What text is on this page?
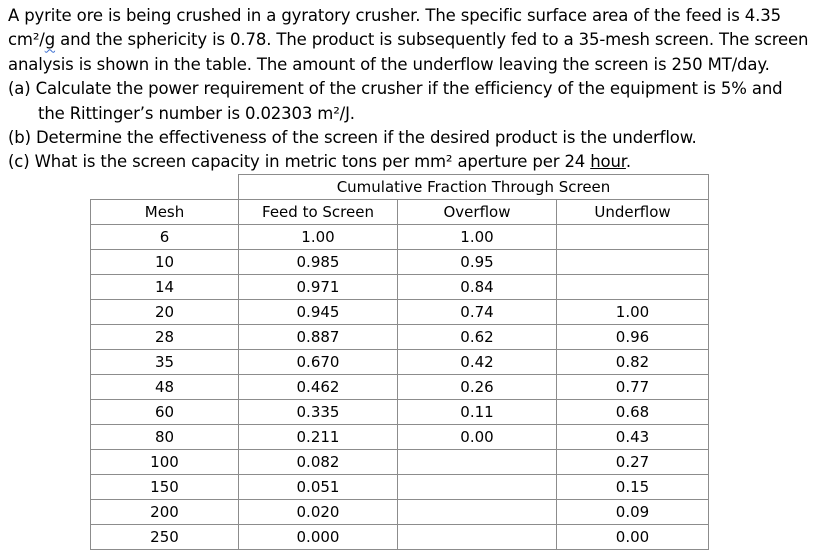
A pyrite ore is being crushed in a gyratory crusher. The specific surface area of the feed is 4.35

cm²/g and the sphericity is 0.78. The product is subsequently fed to a 35-mesh screen. The screen

analysis is shown in the table. The amount of the underflow leaving the screen is 250 MT/day.

(a) Calculate the power requirement of the crusher if the efficiency of the equipment is 5% and

the Rittinger’s number is 0.02303 m²/J.

(b) Determine the effectiveness of the screen if the desired product is the underflow.

(c) What is the screen capacity in metric tons per mm² aperture per 24 hour.

	Cumulative Fraction Through Screen		
Mesh	Feed to Screen	Overflow	Underflow
6	1.00	1.00	
10	0.985	0.95	
14	0.971	0.84	
20	0.945	0.74	1.00
28	0.887	0.62	0.96
35	0.670	0.42	0.82
48	0.462	0.26	0.77
60	0.335	0.11	0.68
80	0.211	0.00	0.43
100	0.082		0.27
150	0.051		0.15
200	0.020		0.09
250	0.000		0.00
